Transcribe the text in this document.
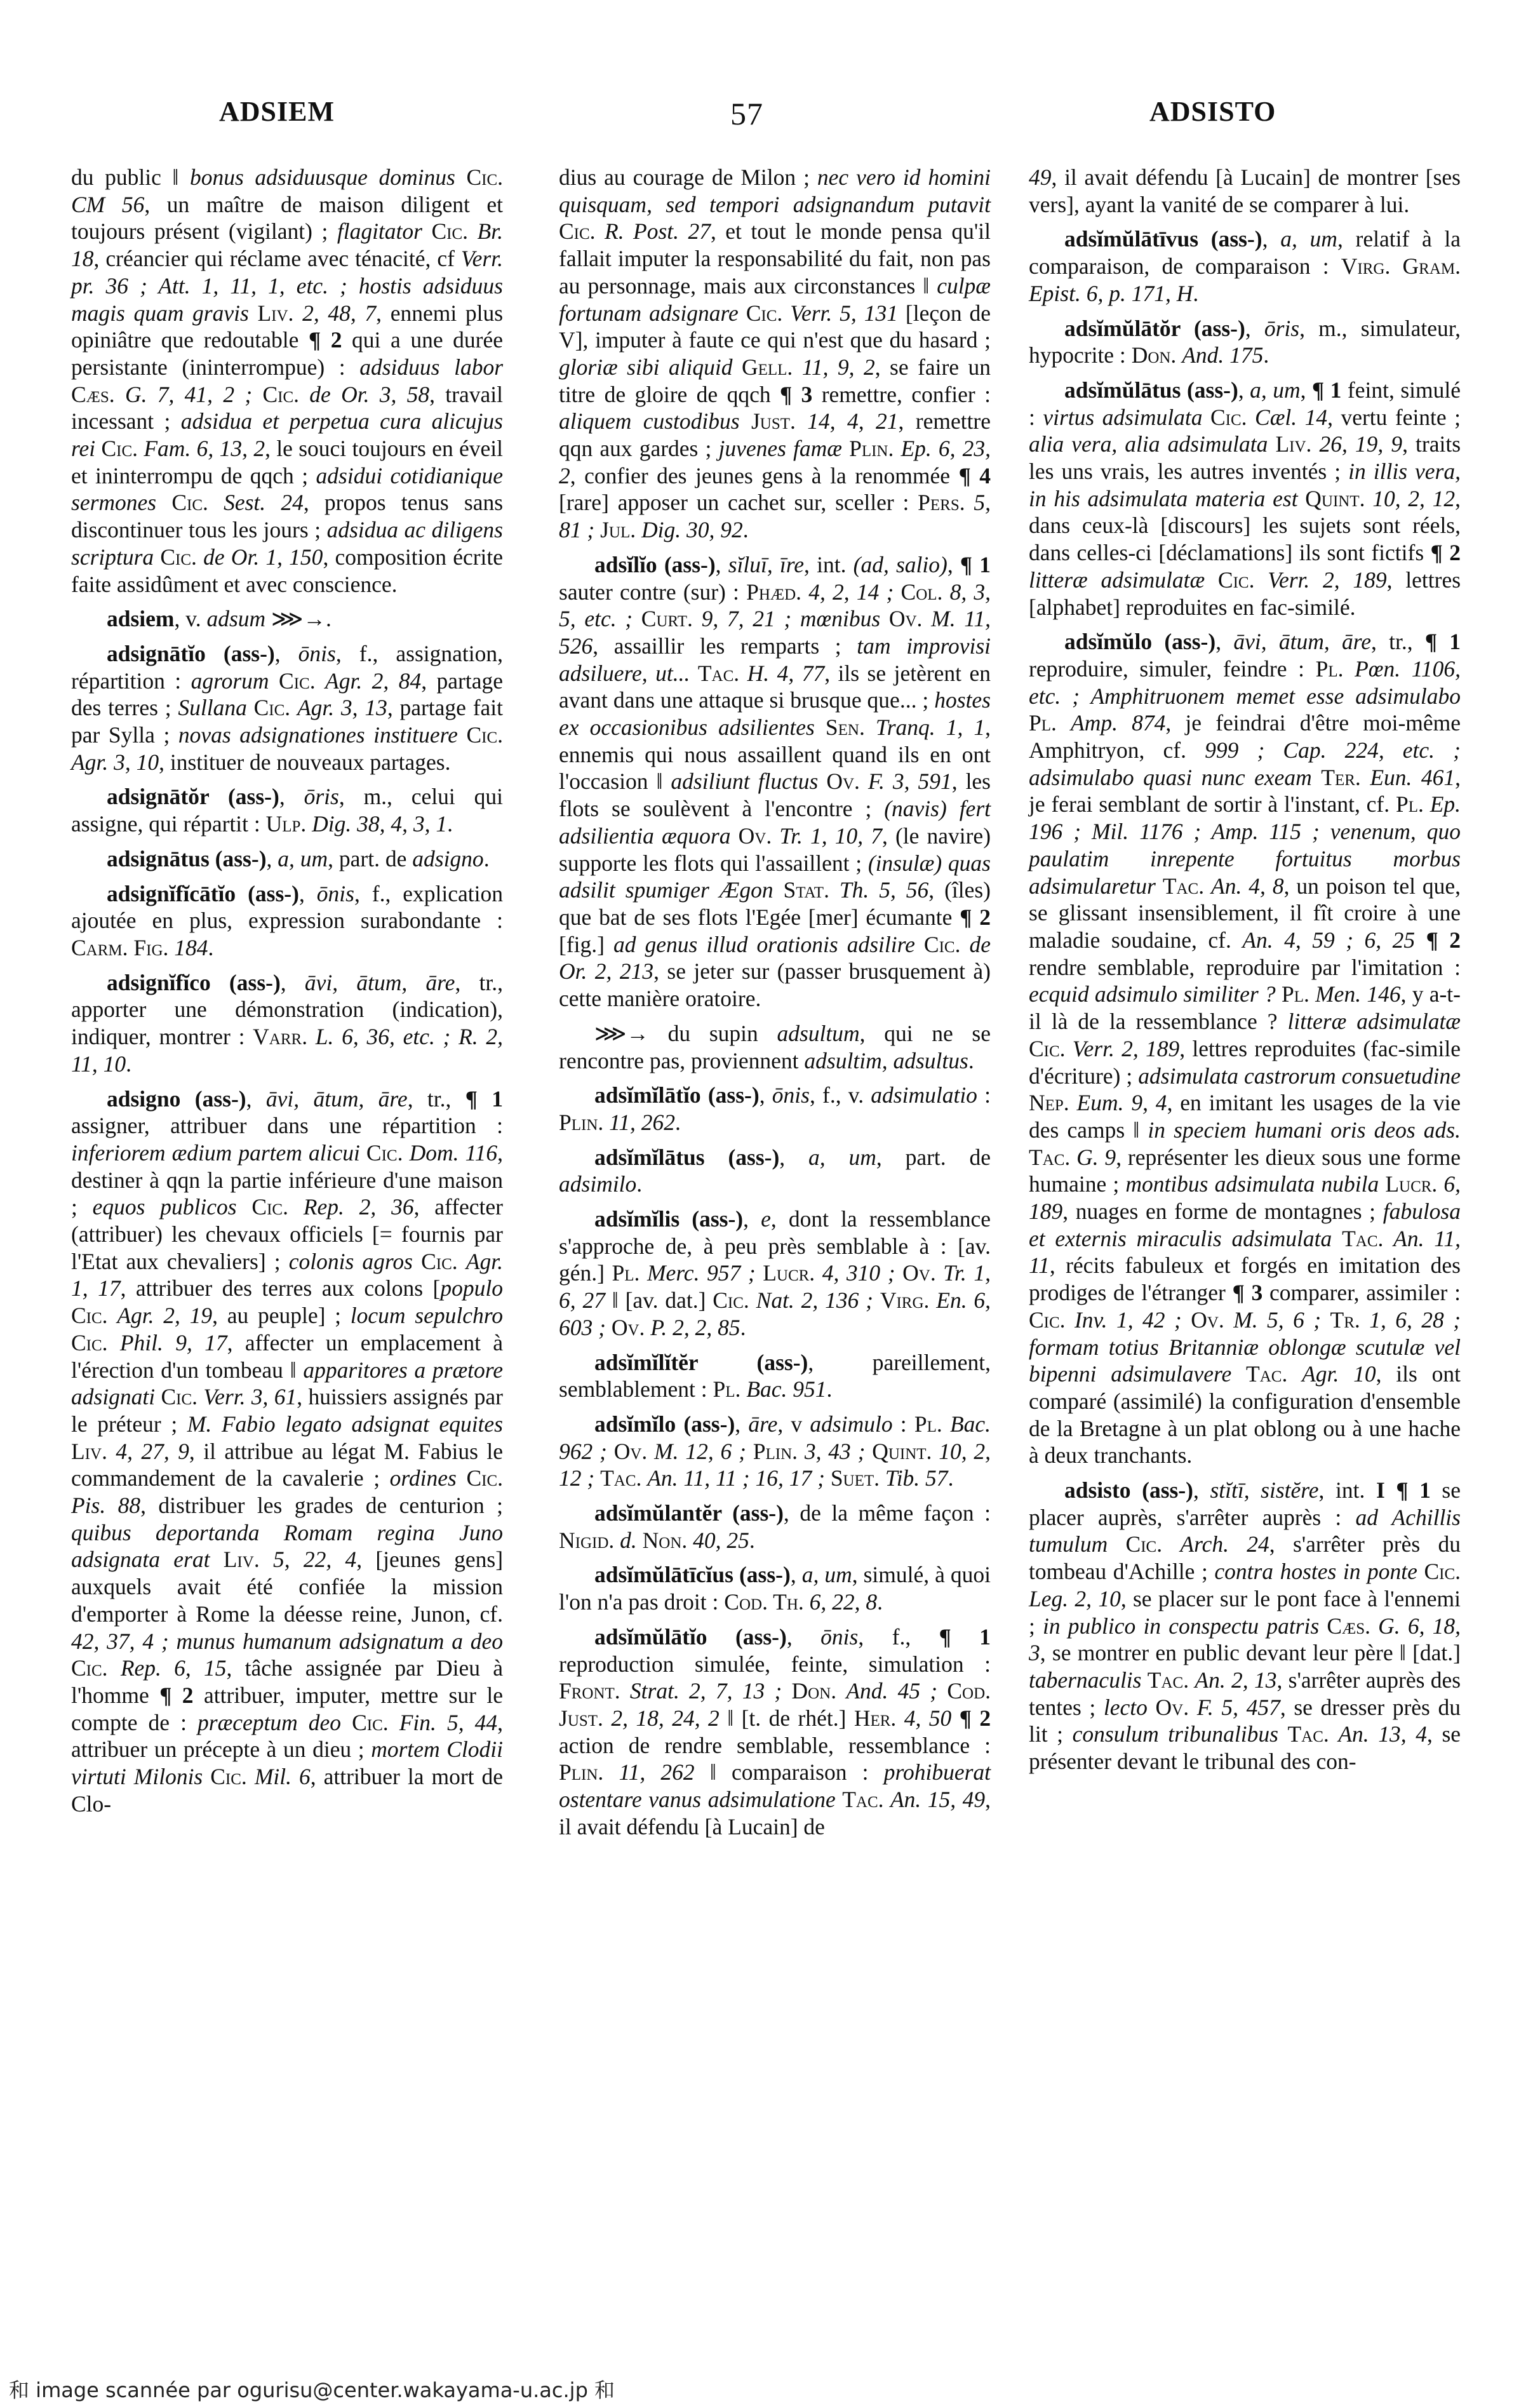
ADSIEM	57	ADSISTO

du public ‖ bonus adsiduusque dominus Cic. CM 56, un maître de maison diligent et toujours présent (vigilant) ; flagitator Cic. Br. 18, créancier qui réclame avec ténacité, cf Verr. pr. 36 ; Att. 1, 11, 1, etc. ; hostis adsiduus magis quam gravis Liv. 2, 48, 7, ennemi plus opiniâtre que redoutable ¶ 2 qui a une durée persistante (ininterrompue) : adsiduus labor Cæs. G. 7, 41, 2 ; Cic. de Or. 3, 58, travail incessant ; adsidua et perpetua cura alicujus rei Cic. Fam. 6, 13, 2, le souci toujours en éveil et ininterrompu de qqch ; adsidui cotidianique sermones Cic. Sest. 24, propos tenus sans discontinuer tous les jours ; adsidua ac diligens scriptura Cic. de Or. 1, 150, composition écrite faite assidûment et avec conscience.

adsiem, v. adsum ⋙→.

adsignātĭo (ass-), ōnis, f., assignation, répartition : agrorum Cic. Agr. 2, 84, partage des terres ; Sullana Cic. Agr. 3, 13, partage fait par Sylla ; novas adsignationes instituere Cic. Agr. 3, 10, instituer de nouveaux partages.

adsignātŏr (ass-), ōris, m., celui qui assigne, qui répartit : Ulp. Dig. 38, 4, 3, 1.

adsignātus (ass-), a, um, part. de adsigno.

adsignĭfĭcātĭo (ass-), ōnis, f., explication ajoutée en plus, expression surabondante : Carm. Fig. 184.

adsignĭfĭco (ass-), āvi, ātum, āre, tr., apporter une démonstration (indication), indiquer, montrer : Varr. L. 6, 36, etc. ; R. 2, 11, 10.

adsigno (ass-), āvi, ātum, āre, tr., ¶ 1 assigner, attribuer dans une répartition : inferiorem ædium partem alicui Cic. Dom. 116, destiner à qqn la partie inférieure d'une maison ; equos publicos Cic. Rep. 2, 36, affecter (attribuer) les chevaux officiels [= fournis par l'Etat aux chevaliers] ; colonis agros Cic. Agr. 1, 17, attribuer des terres aux colons [populo Cic. Agr. 2, 19, au peuple] ; locum sepulchro Cic. Phil. 9, 17, affecter un emplacement à l'érection d'un tombeau ‖ apparitores a prætore adsignati Cic. Verr. 3, 61, huissiers assignés par le préteur ; M. Fabio legato adsignat equites Liv. 4, 27, 9, il attribue au légat M. Fabius le commandement de la cavalerie ; ordines Cic. Pis. 88, distribuer les grades de centurion ; quibus deportanda Romam regina Juno adsignata erat Liv. 5, 22, 4, [jeunes gens] auxquels avait été confiée la mission d'emporter à Rome la déesse reine, Junon, cf. 42, 37, 4 ; munus humanum adsignatum a deo Cic. Rep. 6, 15, tâche assignée par Dieu à l'homme ¶ 2 attribuer, imputer, mettre sur le compte de : præceptum deo Cic. Fin. 5, 44, attribuer un précepte à un dieu ; mortem Clodii virtuti Milonis Cic. Mil. 6, attribuer la mort de Clo-

dius au courage de Milon ; nec vero id homini quisquam, sed tempori adsignandum putavit Cic. R. Post. 27, et tout le monde pensa qu'il fallait imputer la responsabilité du fait, non pas au personnage, mais aux circonstances ‖ culpæ fortunam adsignare Cic. Verr. 5, 131 [leçon de V], imputer à faute ce qui n'est que du hasard ; gloriæ sibi aliquid Gell. 11, 9, 2, se faire un titre de gloire de qqch ¶ 3 remettre, confier : aliquem custodibus Just. 14, 4, 21, remettre qqn aux gardes ; juvenes famæ Plin. Ep. 6, 23, 2, confier des jeunes gens à la renommée ¶ 4 [rare] apposer un cachet sur, sceller : Pers. 5, 81 ; Jul. Dig. 30, 92.

adsĭlĭo (ass-), sĭluī, īre, int. (ad, salio), ¶ 1 sauter contre (sur) : Phæd. 4, 2, 14 ; Col. 8, 3, 5, etc. ; Curt. 9, 7, 21 ; mœnibus Ov. M. 11, 526, assaillir les remparts ; tam improvisi adsiluere, ut... Tac. H. 4, 77, ils se jetèrent en avant dans une attaque si brusque que... ; hostes ex occasionibus adsilientes Sen. Tranq. 1, 1, ennemis qui nous assaillent quand ils en ont l'occasion ‖ adsiliunt fluctus Ov. F. 3, 591, les flots se soulèvent à l'encontre ; (navis) fert adsilientia æquora Ov. Tr. 1, 10, 7, (le navire) supporte les flots qui l'assaillent ; (insulæ) quas adsilit spumiger Ægon Stat. Th. 5, 56, (îles) que bat de ses flots l'Egée [mer] écumante ¶ 2 [fig.] ad genus illud orationis adsilire Cic. de Or. 2, 213, se jeter sur (passer brusquement à) cette manière oratoire.

⋙→ du supin adsultum, qui ne se rencontre pas, proviennent adsultim, adsultus.

adsĭmĭlātĭo (ass-), ōnis, f., v. adsimulatio : Plin. 11, 262.

adsĭmĭlātus (ass-), a, um, part. de adsimilo.

adsĭmĭlis (ass-), e, dont la ressemblance s'approche de, à peu près semblable à : [av. gén.] Pl. Merc. 957 ; Lucr. 4, 310 ; Ov. Tr. 1, 6, 27 ‖ [av. dat.] Cic. Nat. 2, 136 ; Virg. En. 6, 603 ; Ov. P. 2, 2, 85.

adsĭmĭlĭtĕr (ass-), pareillement, semblablement : Pl. Bac. 951.

adsĭmĭlo (ass-), āre, v adsimulo : Pl. Bac. 962 ; Ov. M. 12, 6 ; Plin. 3, 43 ; Quint. 10, 2, 12 ; Tac. An. 11, 11 ; 16, 17 ; Suet. Tib. 57.

adsĭmŭlantĕr (ass-), de la même façon : Nigid. d. Non. 40, 25.

adsĭmŭlātīcĭus (ass-), a, um, simulé, à quoi l'on n'a pas droit : Cod. Th. 6, 22, 8.

adsĭmŭlātĭo (ass-), ōnis, f., ¶ 1 reproduction simulée, feinte, simulation : Front. Strat. 2, 7, 13 ; Don. And. 45 ; Cod. Just. 2, 18, 24, 2 ‖ [t. de rhét.] Her. 4, 50 ¶ 2 action de rendre semblable, ressemblance : Plin. 11, 262 ‖ comparaison : prohibuerat ostentare vanus adsimulatione Tac. An. 15, 49, il avait défendu [à Lucain] de

49, il avait défendu [à Lucain] de montrer [ses vers], ayant la vanité de se comparer à lui.

adsĭmŭlātīvus (ass-), a, um, relatif à la comparaison, de comparaison : Virg. Gram. Epist. 6, p. 171, H.

adsĭmŭlātŏr (ass-), ōris, m., simulateur, hypocrite : Don. And. 175.

adsĭmŭlātus (ass-), a, um, ¶ 1 feint, simulé : virtus adsimulata Cic. Cæl. 14, vertu feinte ; alia vera, alia adsimulata Liv. 26, 19, 9, traits les uns vrais, les autres inventés ; in illis vera, in his adsimulata materia est Quint. 10, 2, 12, dans ceux-là [discours] les sujets sont réels, dans celles-ci [déclamations] ils sont fictifs ¶ 2 litteræ adsimulatæ Cic. Verr. 2, 189, lettres [alphabet] reproduites en fac-similé.

adsĭmŭlo (ass-), āvi, ātum, āre, tr., ¶ 1 reproduire, simuler, feindre : Pl. Pœn. 1106, etc. ; Amphitruonem memet esse adsimulabo Pl. Amp. 874, je feindrai d'être moi-même Amphitryon, cf. 999 ; Cap. 224, etc. ; adsimulabo quasi nunc exeam Ter. Eun. 461, je ferai semblant de sortir à l'instant, cf. Pl. Ep. 196 ; Mil. 1176 ; Amp. 115 ; venenum, quo paulatim inrepente fortuitus morbus adsimularetur Tac. An. 4, 8, un poison tel que, se glissant insensiblement, il fît croire à une maladie soudaine, cf. An. 4, 59 ; 6, 25 ¶ 2 rendre semblable, reproduire par l'imitation : ecquid adsimulo similiter ? Pl. Men. 146, y a-t-il là de la ressemblance ? litteræ adsimulatæ Cic. Verr. 2, 189, lettres reproduites (fac-simile d'écriture) ; adsimulata castrorum consuetudine Nep. Eum. 9, 4, en imitant les usages de la vie des camps ‖ in speciem humani oris deos ads. Tac. G. 9, représenter les dieux sous une forme humaine ; montibus adsimulata nubila Lucr. 6, 189, nuages en forme de montagnes ; fabulosa et externis miraculis adsimulata Tac. An. 11, 11, récits fabuleux et forgés en imitation des prodiges de l'étranger ¶ 3 comparer, assimiler : Cic. Inv. 1, 42 ; Ov. M. 5, 6 ; Tr. 1, 6, 28 ; formam totius Britanniæ oblongæ scutulæ vel bipenni adsimulavere Tac. Agr. 10, ils ont comparé (assimilé) la configuration d'ensemble de la Bretagne à un plat oblong ou à une hache à deux tranchants.

adsisto (ass-), stĭtī, sistĕre, int. I ¶ 1 se placer auprès, s'arrêter auprès : ad Achillis tumulum Cic. Arch. 24, s'arrêter près du tombeau d'Achille ; contra hostes in ponte Cic. Leg. 2, 10, se placer sur le pont face à l'ennemi ; in publico in conspectu patris Cæs. G. 6, 18, 3, se montrer en public devant leur père ‖ [dat.] tabernaculis Tac. An. 2, 13, s'arrêter auprès des tentes ; lecto Ov. F. 5, 457, se dresser près du lit ; consulum tribunalibus Tac. An. 13, 4, se présenter devant le tribunal des con-

和 image scannée par ogurisu@center.wakayama-u.ac.jp 和
